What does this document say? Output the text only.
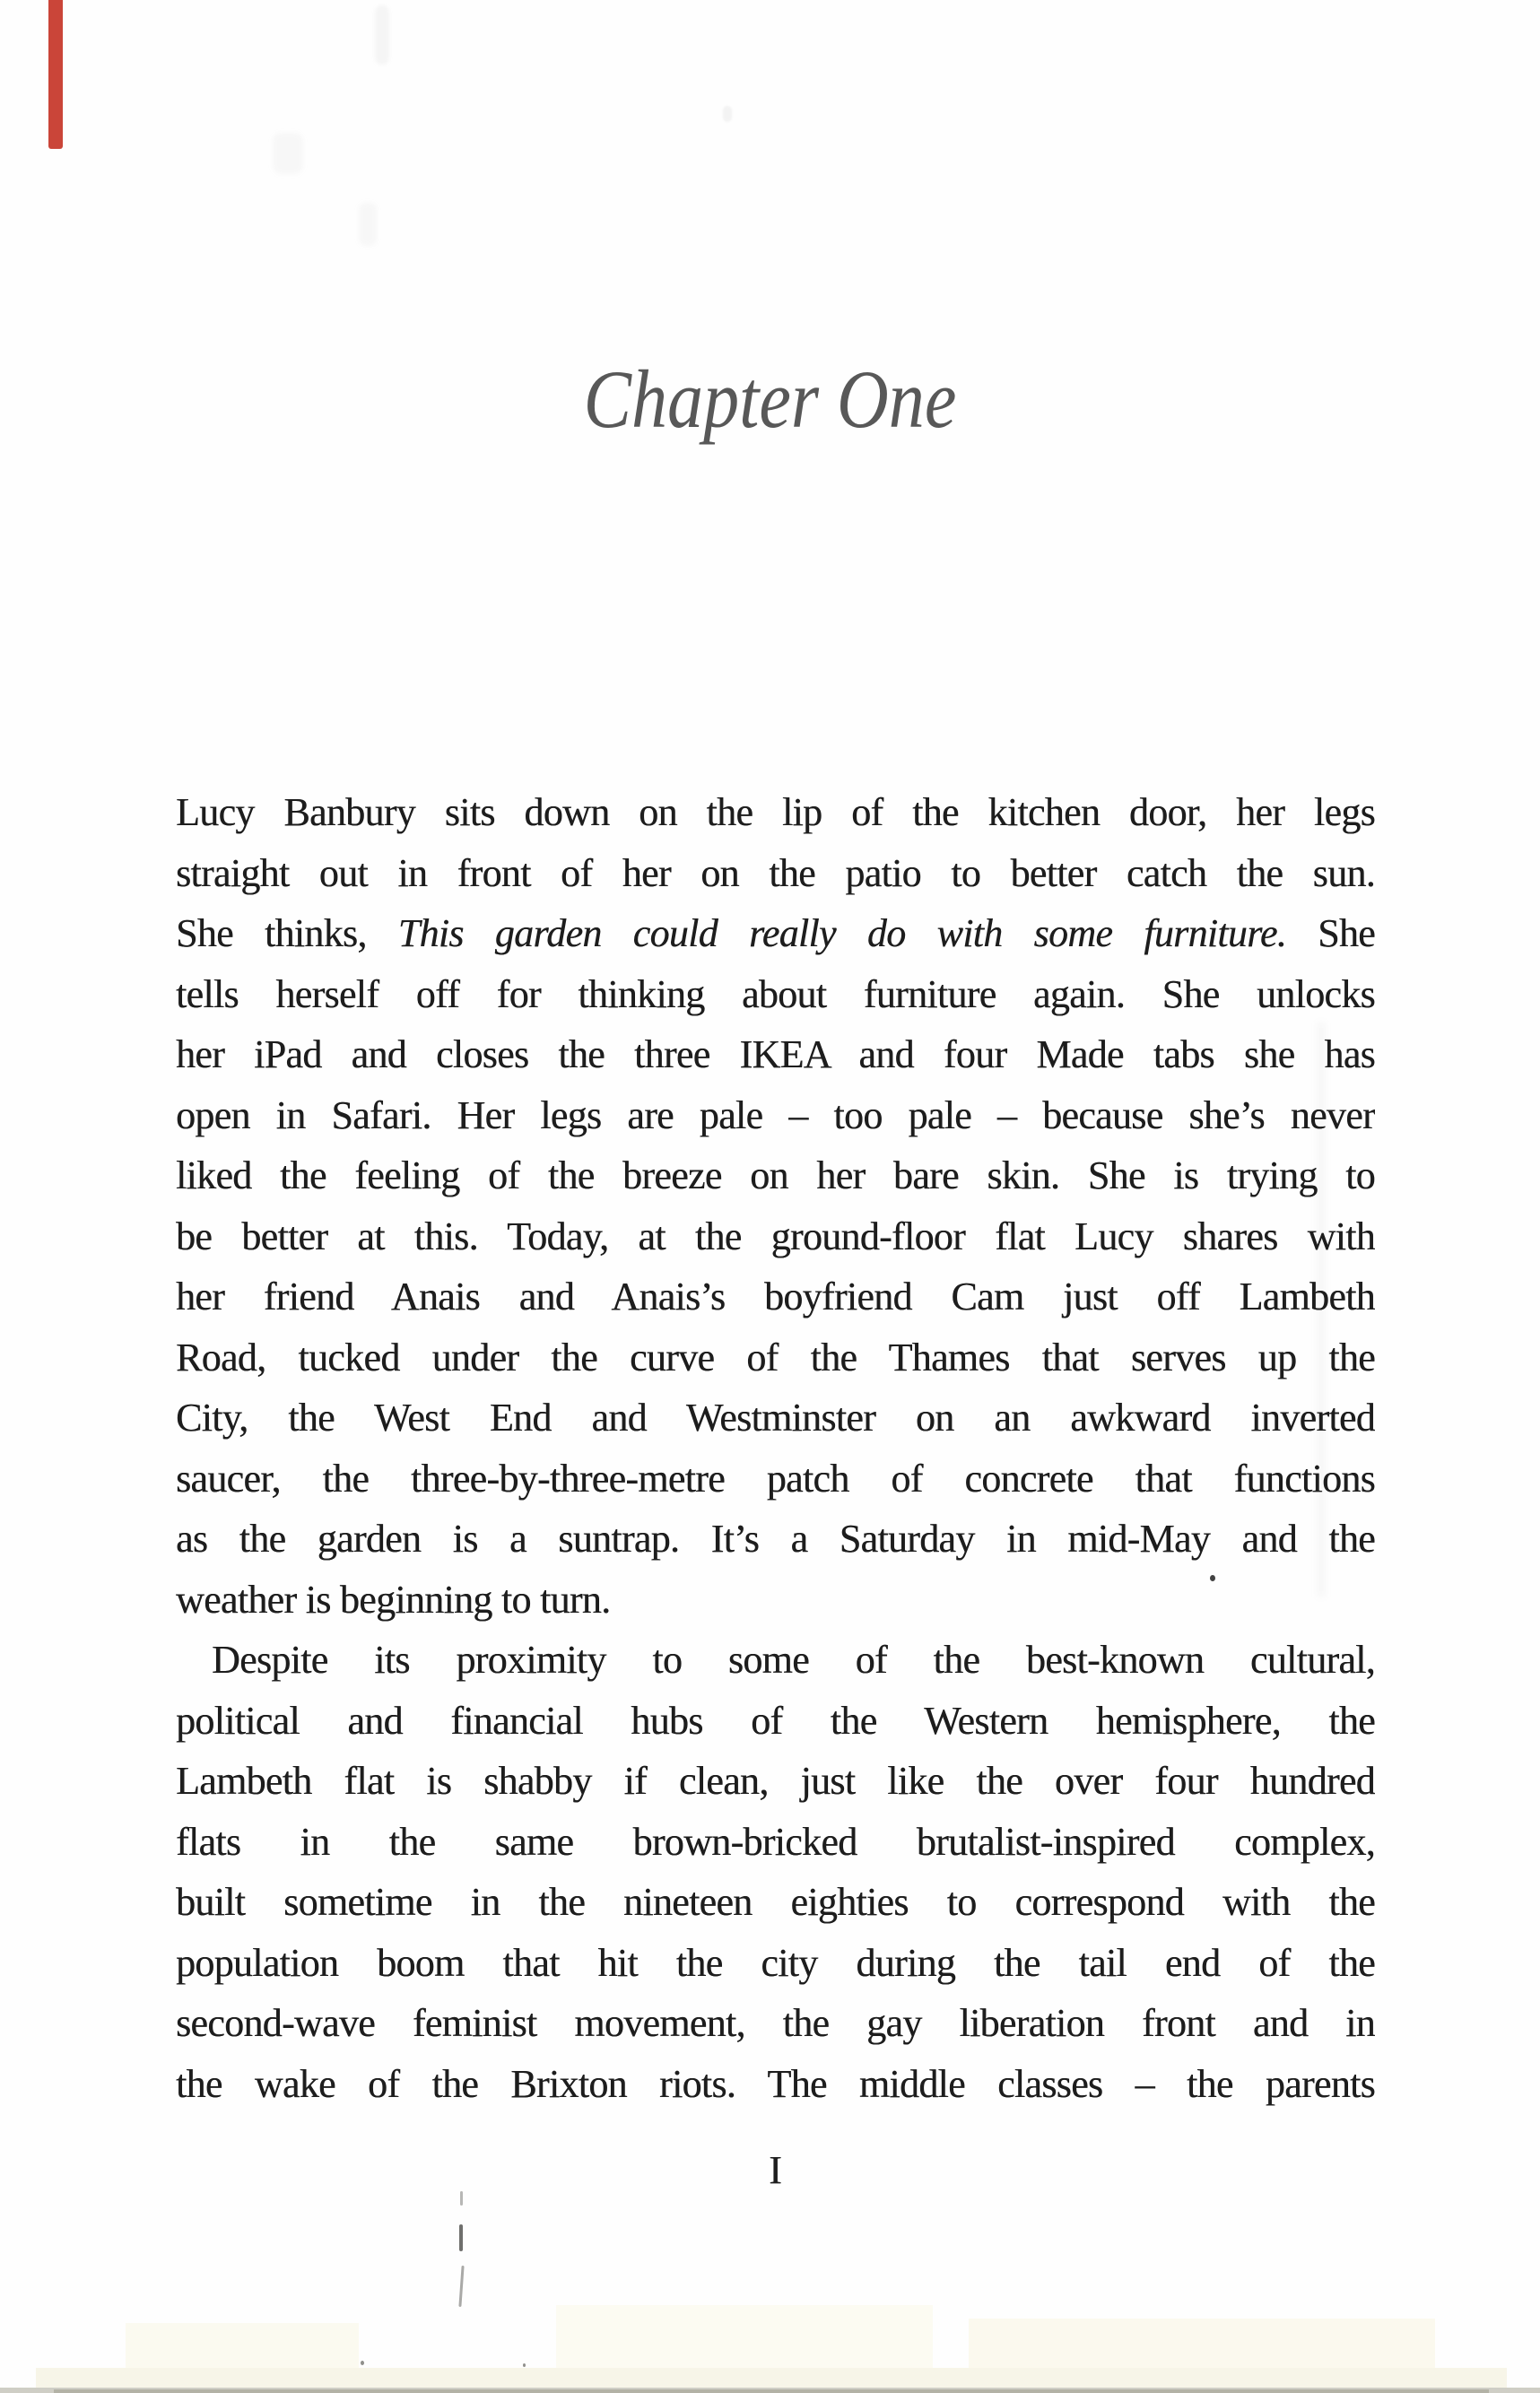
Chapter One
Lucy Banbury sits down on the lip of the kitchen door, her legs
straight out in front of her on the patio to better catch the sun.
She thinks, This garden could really do with some furniture. She
tells herself off for thinking about furniture again. She unlocks
her iPad and closes the three IKEA and four Made tabs she has
open in Safari. Her legs are pale – too pale – because she’s never
liked the feeling of the breeze on her bare skin. She is trying to
be better at this. Today, at the ground-floor flat Lucy shares with
her friend Anais and Anais’s boyfriend Cam just off Lambeth
Road, tucked under the curve of the Thames that serves up the
City, the West End and Westminster on an awkward inverted
saucer, the three-by-three-metre patch of concrete that functions
as the garden is a suntrap. It’s a Saturday in mid-May and the
weather is beginning to turn.
Despite its proximity to some of the best-known cultural,
political and financial hubs of the Western hemisphere, the
Lambeth flat is shabby if clean, just like the over four hundred
flats in the same brown-bricked brutalist-inspired complex,
built sometime in the nineteen eighties to correspond with the
population boom that hit the city during the tail end of the
second-wave feminist movement, the gay liberation front and in
the wake of the Brixton riots. The middle classes – the parents
I
